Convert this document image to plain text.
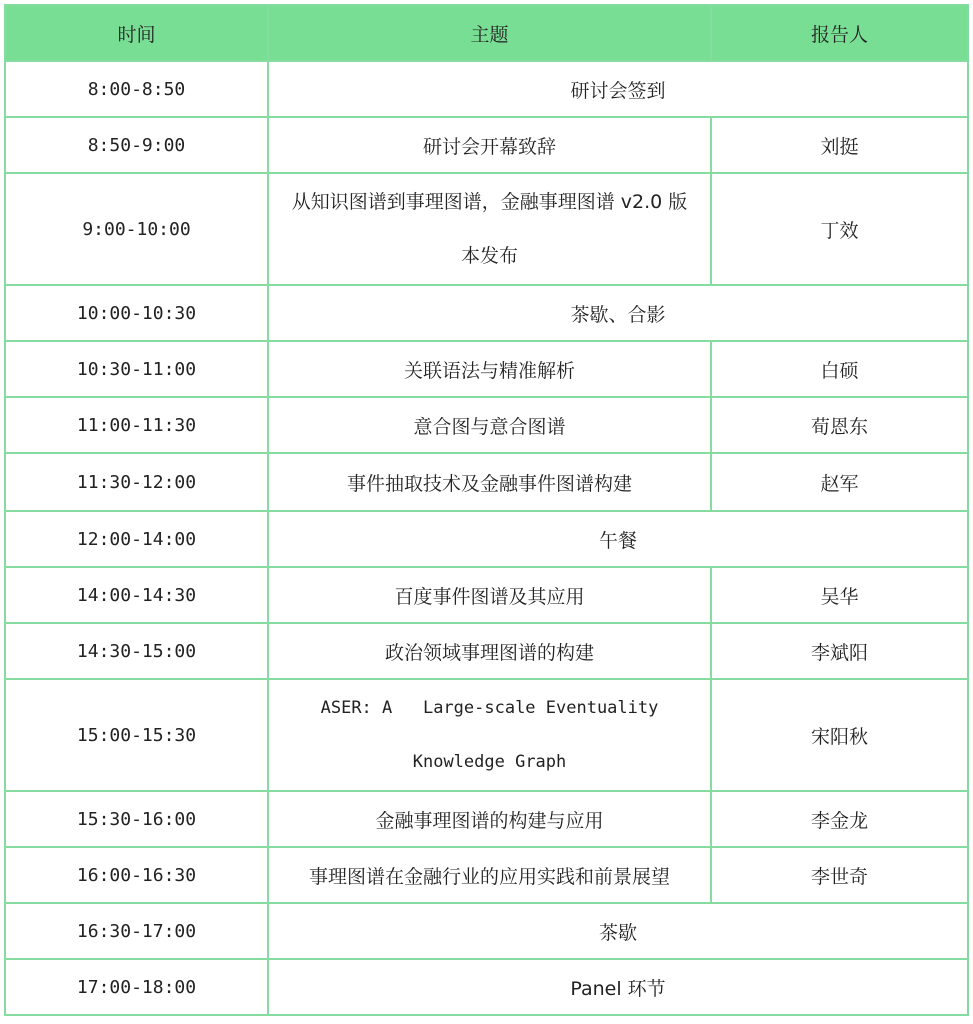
时间	主题	报告人
8:00-8:50	研讨会签到	
8:50-9:00	研讨会开幕致辞	刘挺
9:00-10:00	从知识图谱到事理图谱，金融事理图谱 v2.0 版本发布	丁效
10:00-10:30	茶歇、合影	
10:30-11:00	关联语法与精准解析	白硕
11:00-11:30	意合图与意合图谱	荀恩东
11:30-12:00	事件抽取技术及金融事件图谱构建	赵军
12:00-14:00	午餐	
14:00-14:30	百度事件图谱及其应用	吴华
14:30-15:00	政治领域事理图谱的构建	李斌阳
15:00-15:30	ASER: A   Large-scale Eventuality Knowledge Graph	宋阳秋
15:30-16:00	金融事理图谱的构建与应用	李金龙
16:00-16:30	事理图谱在金融行业的应用实践和前景展望	李世奇
16:30-17:00	茶歇	
17:00-18:00	Panel 环节	
